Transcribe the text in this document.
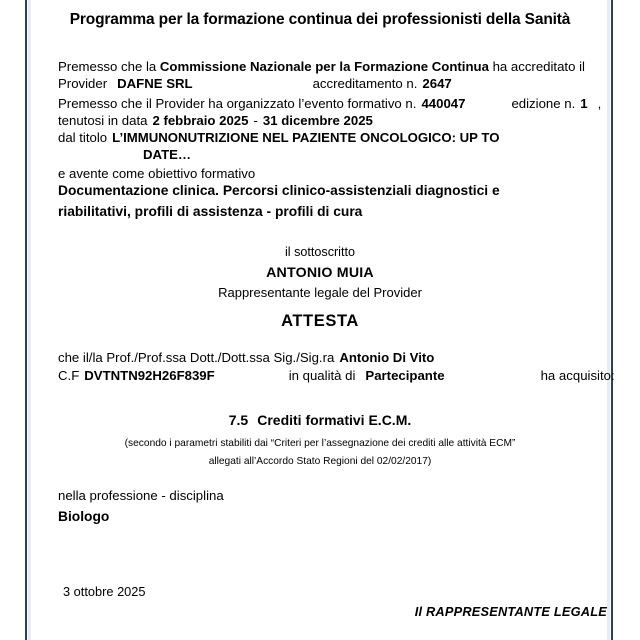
Programma per la formazione continua dei professionisti della Sanità
Premesso che la Commissione Nazionale per la Formazione Continua ha accreditato il
Provider DAFNE SRL	accreditamento n. 2647
Premesso che il Provider ha organizzato l’evento formativo n. 440047	edizione n. 1 ,
tenutosi in data 2 febbraio 2025 - 31 dicembre 2025
dal titolo L’IMMUNONUTRIZIONE NEL PAZIENTE ONCOLOGICO: UP TO
DATE…
e avente come obiettivo formativo
Documentazione clinica. Percorsi clinico-assistenziali diagnostici e
riabilitativi, profili di assistenza - profili di cura
il sottoscritto
ANTONIO MUIA
Rappresentante legale del Provider
ATTESTA
che il/la Prof./Prof.ssa Dott./Dott.ssa Sig./Sig.ra Antonio Di Vito
C.F DVTNTN92H26F839F	in qualità di Partecipante	ha acquisito:
7.5 Crediti formativi E.C.M.
(secondo i parametri stabiliti dai “Criteri per l’assegnazione dei crediti alle attività ECM”
allegati all’Accordo Stato Regioni del 02/02/2017)
nella professione - disciplina
Biologo
3 ottobre 2025
Il RAPPRESENTANTE LEGALE
